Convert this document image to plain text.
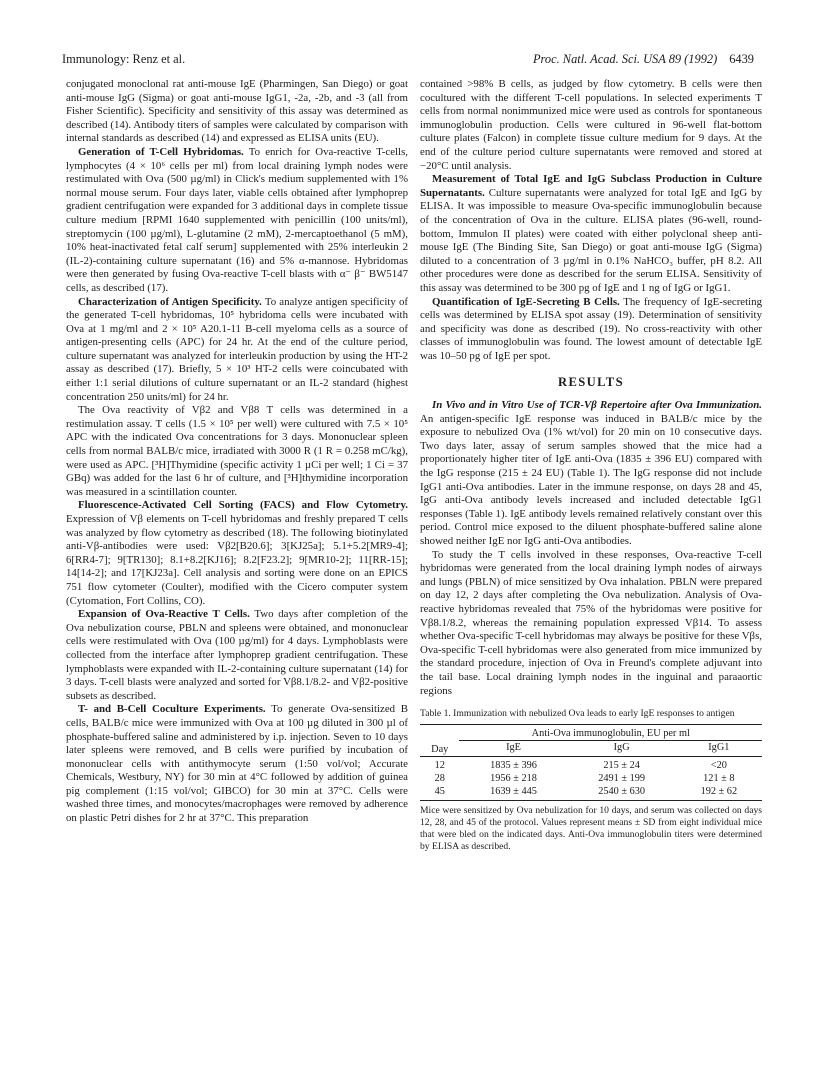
Immunology: Renz et al.	Proc. Natl. Acad. Sci. USA 89 (1992) 6439

conjugated monoclonal rat anti-mouse IgE (Pharmingen, San Diego) or goat anti-mouse IgG (Sigma) or goat anti-mouse IgG1, -2a, -2b, and -3 (all from Fisher Scientific). Specificity and sensitivity of this assay was determined as described (14). Antibody titers of samples were calculated by comparison with internal standards as described (14) and expressed as ELISA units (EU).

Generation of T-Cell Hybridomas. To enrich for Ova-reactive T-cells, lymphocytes (4 × 10⁶ cells per ml) from local draining lymph nodes were restimulated with Ova (500 µg/ml) in Click's medium supplemented with 1% normal mouse serum. Four days later, viable cells obtained after lymphoprep gradient centrifugation were expanded for 3 additional days in complete tissue culture medium [RPMI 1640 supplemented with penicillin (100 units/ml), streptomycin (100 µg/ml), L-glutamine (2 mM), 2-mercaptoethanol (5 mM), 10% heat-inactivated fetal calf serum] supplemented with 25% interleukin 2 (IL-2)-containing culture supernatant (16) and 5% α-mannose. Hybridomas were then generated by fusing Ova-reactive T-cell blasts with α⁻ β⁻ BW5147 cells, as described (17).

Characterization of Antigen Specificity. To analyze antigen specificity of the generated T-cell hybridomas, 10⁵ hybridoma cells were incubated with Ova at 1 mg/ml and 2 × 10⁵ A20.1-11 B-cell myeloma cells as a source of antigen-presenting cells (APC) for 24 hr. At the end of the culture period, culture supernatant was analyzed for interleukin production by using the HT-2 assay as described (17). Briefly, 5 × 10³ HT-2 cells were coincubated with either 1:1 serial dilutions of culture supernatant or an IL-2 standard (highest concentration 250 units/ml) for 24 hr.

The Ova reactivity of Vβ2 and Vβ8 T cells was determined in a restimulation assay. T cells (1.5 × 10⁵ per well) were cultured with 7.5 × 10⁵ APC with the indicated Ova concentrations for 3 days. Mononuclear spleen cells from normal BALB/c mice, irradiated with 3000 R (1 R = 0.258 mC/kg), were used as APC. [³H]Thymidine (specific activity 1 µCi per well; 1 Ci = 37 GBq) was added for the last 6 hr of culture, and [³H]thymidine incorporation was measured in a scintillation counter.

Fluorescence-Activated Cell Sorting (FACS) and Flow Cytometry. Expression of Vβ elements on T-cell hybridomas and freshly prepared T cells was analyzed by flow cytometry as described (18). The following biotinylated anti-Vβ-antibodies were used: Vβ2[B20.6]; 3[KJ25a]; 5.1+5.2[MR9-4]; 6[RR4-7]; 9[TR130]; 8.1+8.2[KJ16]; 8.2[F23.2]; 9[MR10-2]; 11[RR-15]; 14[14-2]; and 17[KJ23a]. Cell analysis and sorting were done on an EPICS 751 flow cytometer (Coulter), modified with the Cicero computer system (Cytomation, Fort Collins, CO).

Expansion of Ova-Reactive T Cells. Two days after completion of the Ova nebulization course, PBLN and spleens were obtained, and mononuclear cells were restimulated with Ova (100 µg/ml) for 4 days. Lymphoblasts were collected from the interface after lymphoprep gradient centrifugation. These lymphoblasts were expanded with IL-2-containing culture supernatant (14) for 3 days. T-cell blasts were analyzed and sorted for Vβ8.1/8.2- and Vβ2-positive subsets as described.

T- and B-Cell Coculture Experiments. To generate Ova-sensitized B cells, BALB/c mice were immunized with Ova at 100 µg diluted in 300 µl of phosphate-buffered saline and administered by i.p. injection. Seven to 10 days later spleens were removed, and B cells were purified by incubation of mononuclear cells with antithymocyte serum (1:50 vol/vol; Accurate Chemicals, Westbury, NY) for 30 min at 4°C followed by addition of guinea pig complement (1:15 vol/vol; GIBCO) for 30 min at 37°C. Cells were washed three times, and monocytes/macrophages were removed by adherence on plastic Petri dishes for 2 hr at 37°C. This preparation

contained >98% B cells, as judged by flow cytometry. B cells were then cocultured with the different T-cell populations. In selected experiments T cells from normal nonimmunized mice were used as controls for spontaneous immunoglobulin production. Cells were cultured in 96-well flat-bottom culture plates (Falcon) in complete tissue culture medium for 9 days. At the end of the culture period culture supernatants were removed and stored at −20°C until analysis.

Measurement of Total IgE and IgG Subclass Production in Culture Supernatants. Culture supernatants were analyzed for total IgE and IgG by ELISA. It was impossible to measure Ova-specific immunoglobulin because of the concentration of Ova in the culture. ELISA plates (96-well, round-bottom, Immulon II plates) were coated with either polyclonal sheep anti-mouse IgE (The Binding Site, San Diego) or goat anti-mouse IgG (Sigma) diluted to a concentration of 3 µg/ml in 0.1% NaHCO₃ buffer, pH 8.2. All other procedures were done as described for the serum ELISA. Sensitivity of this assay was determined to be 300 pg of IgE and 1 ng of IgG or IgG1.

Quantification of IgE-Secreting B Cells. The frequency of IgE-secreting cells was determined by ELISA spot assay (19). Determination of sensitivity and specificity was done as described (19). No cross-reactivity with other classes of immunoglobulin was found. The lowest amount of detectable IgE was 10–50 pg of IgE per spot.

RESULTS

In Vivo and in Vitro Use of TCR-Vβ Repertoire after Ova Immunization. An antigen-specific IgE response was induced in BALB/c mice by the exposure to nebulized Ova (1% wt/vol) for 20 min on 10 consecutive days. Two days later, assay of serum samples showed that the mice had a proportionately higher titer of IgE anti-Ova (1835 ± 396 EU) compared with the IgG response (215 ± 24 EU) (Table 1). The IgG response did not include IgG1 anti-Ova antibodies. Later in the immune response, on days 28 and 45, IgG anti-Ova antibody levels increased and included detectable IgG1 responses (Table 1). IgE antibody levels remained relatively constant over this period. Control mice exposed to the diluent phosphate-buffered saline alone showed neither IgE nor IgG anti-Ova antibodies.

To study the T cells involved in these responses, Ova-reactive T-cell hybridomas were generated from the local draining lymph nodes of airways and lungs (PBLN) of mice sensitized by Ova inhalation. PBLN were prepared on day 12, 2 days after completing the Ova nebulization. Analysis of Ova-reactive hybridomas revealed that 75% of the hybridomas were positive for Vβ8.1/8.2, whereas the remaining population expressed Vβ14. To assess whether Ova-specific T-cell hybridomas may always be positive for these Vβs, Ova-specific T-cell hybridomas were also generated from mice immunized by the standard procedure, injection of Ova in Freund's complete adjuvant into the tail base. Local draining lymph nodes in the inguinal and paraaortic regions

Table 1. Immunization with nebulized Ova leads to early IgE responses to antigen

Day	Anti-Ova immunoglobulin, EU per ml		
	IgE	IgG	IgG1
12	1835 ± 396	215 ± 24	<20
28	1956 ± 218	2491 ± 199	121 ± 8
45	1639 ± 445	2540 ± 630	192 ± 62

Mice were sensitized by Ova nebulization for 10 days, and serum was collected on days 12, 28, and 45 of the protocol. Values represent means ± SD from eight individual mice that were bled on the indicated days. Anti-Ova immunoglobulin titers were determined by ELISA as described.
